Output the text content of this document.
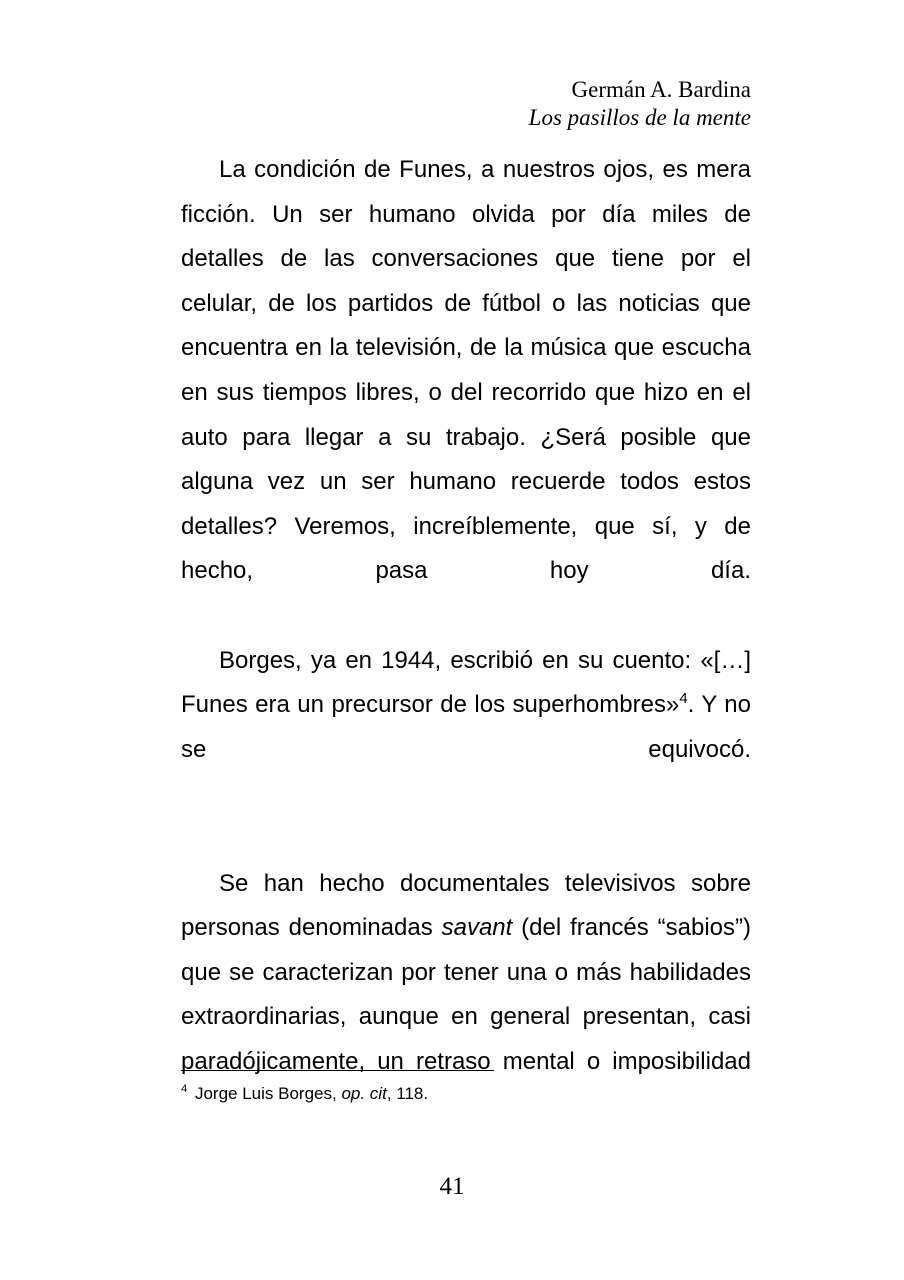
Germán A. Bardina
Los pasillos de la mente

La condición de Funes, a nuestros ojos, es mera ficción. Un ser humano olvida por día miles de detalles de las conversaciones que tiene por el celular, de los partidos de fútbol o las noticias que encuentra en la televisión, de la música que escucha en sus tiempos libres, o del recorrido que hizo en el auto para llegar a su trabajo. ¿Será posible que alguna vez un ser humano recuerde todos estos detalles? Veremos, increíblemente, que sí, y de hecho, pasa hoy día.

Borges, ya en 1944, escribió en su cuento: «[…] Funes era un precursor de los superhombres»$^4$. Y no se equivocó.

Se han hecho documentales televisivos sobre personas denominadas savant (del francés “sabios”) que se caracterizan por tener una o más habilidades extraordinarias, aunque en general presentan, casi paradójicamente, un retraso mental o imposibilidad

$^4$ Jorge Luis Borges, op. cit, 118.

41
